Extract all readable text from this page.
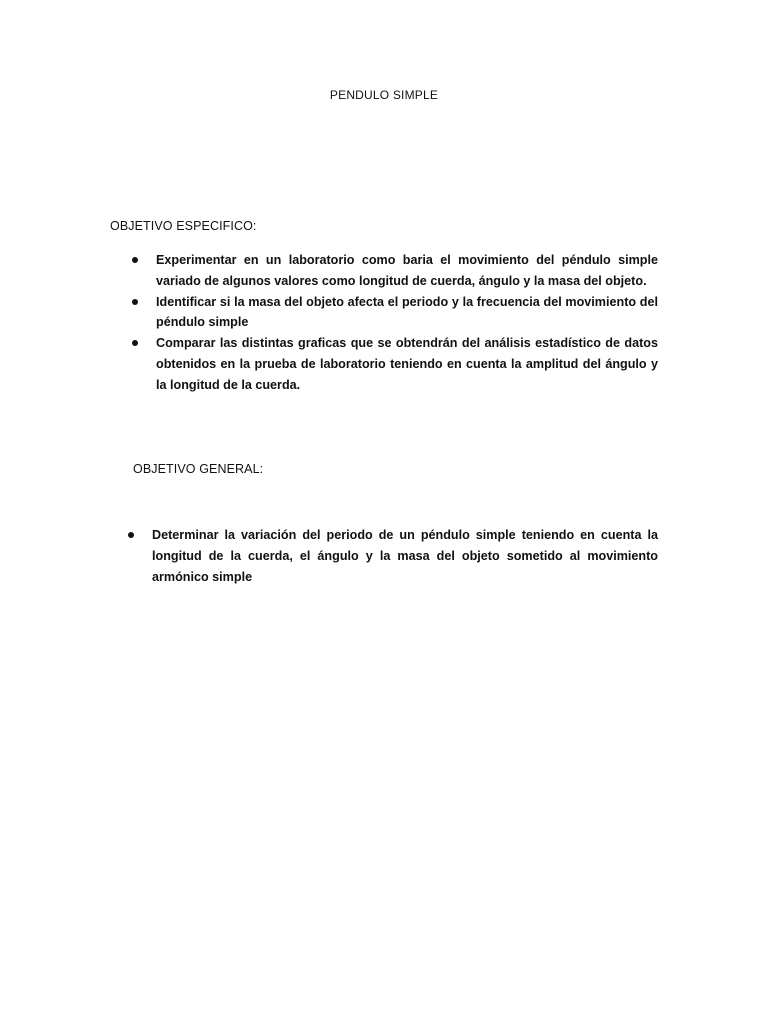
PENDULO SIMPLE
OBJETIVO ESPECIFICO:
Experimentar en un laboratorio como baria el movimiento del péndulo simple variado de algunos valores como longitud de cuerda, ángulo y la masa del objeto.
Identificar si la masa del objeto afecta el periodo y la frecuencia del movimiento del péndulo simple
Comparar las distintas graficas que se obtendrán del análisis estadístico de datos obtenidos en la prueba de laboratorio teniendo en cuenta la amplitud del ángulo y la longitud de la cuerda.
OBJETIVO GENERAL:
Determinar la variación del periodo de un péndulo simple teniendo en cuenta la longitud de la cuerda, el ángulo y la masa del objeto sometido al movimiento armónico simple
